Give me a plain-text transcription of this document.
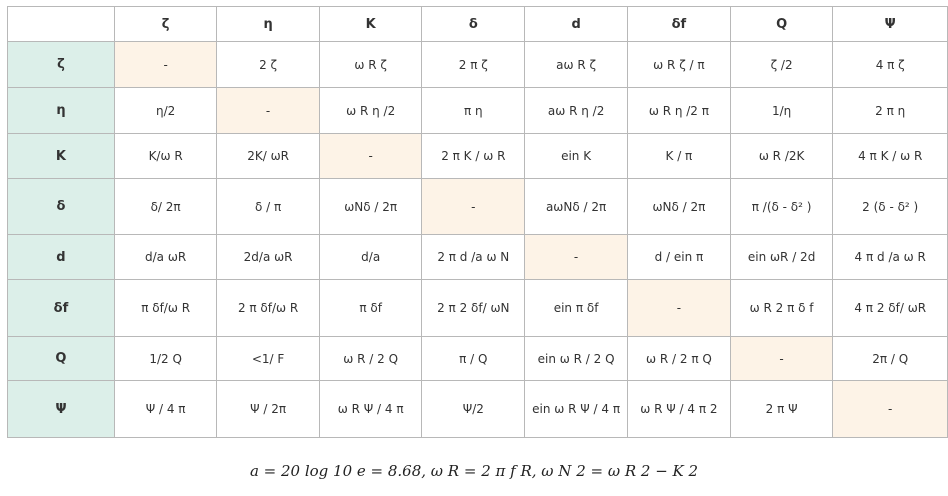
	ζ	η	K	δ	d	δf	Q	Ψ
ζ	-	2 ζ	ω R ζ	2 π ζ	aω R ζ	ω R ζ / π	ζ /2	4 π ζ
η	η/2	-	ω R η /2	π η	aω R η /2	ω R η /2 π	1/η	2 π η
K	K/ω R	2K/ ωR	-	2 π K / ω R	ein K	K / π	ω R /2K	4 π K / ω R
δ	δ/ 2π	δ / π	ωNδ / 2π	-	aωNδ / 2π	ωNδ / 2π	π /(δ - δ² )	2 (δ - δ² )
d	d/a ωR	2d/a ωR	d/a	2 π d /a ω N	-	d / ein π	ein ωR / 2d	4 π d /a ω R
δf	π δf/ω R	2 π δf/ω R	π δf	2 π 2 δf/ ωN	ein π δf	-	ω R 2 π δ f	4 π 2 δf/ ωR
Q	1/2 Q	<1/ F	ω R / 2 Q	π / Q	ein ω R / 2 Q	ω R / 2 π Q	-	2π / Q
Ψ	Ψ / 4 π	Ψ / 2π	ω R Ψ / 4 π	Ψ/2	ein ω R Ψ / 4 π	ω R Ψ / 4 π 2	2 π Ψ	-
a = 20 log 10 e = 8.68, ω R = 2 π f R, ω N 2 = ω R 2 − K 2
